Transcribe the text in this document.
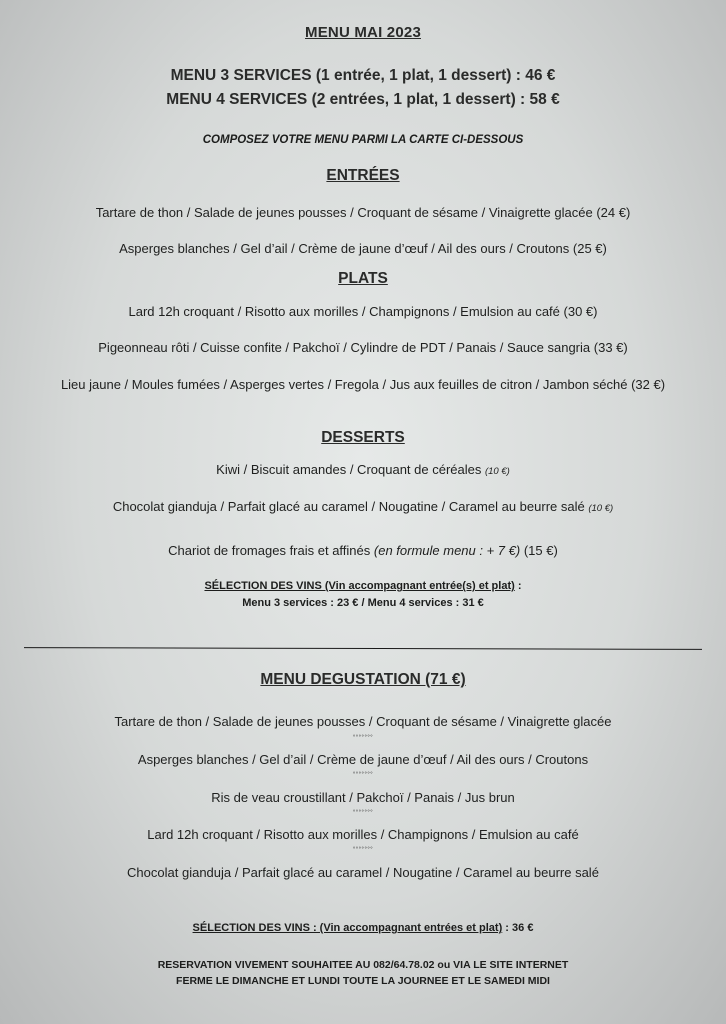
MENU MAI 2023
MENU 3 SERVICES (1 entrée, 1 plat, 1 dessert) : 46 €
MENU 4 SERVICES (2 entrées, 1 plat, 1 dessert) : 58 €
COMPOSEZ VOTRE MENU PARMI LA CARTE CI-DESSOUS
ENTRÉES
Tartare de thon / Salade de jeunes pousses / Croquant de sésame / Vinaigrette glacée (24 €)
Asperges blanches / Gel d’ail / Crème de jaune d’œuf / Ail des ours / Croutons (25 €)
PLATS
Lard 12h croquant / Risotto aux morilles / Champignons / Emulsion au café (30 €)
Pigeonneau rôti / Cuisse confite / Pakchoï / Cylindre de PDT / Panais / Sauce sangria (33 €)
Lieu jaune / Moules fumées / Asperges vertes / Fregola / Jus aux feuilles de citron / Jambon séché (32 €)
DESSERTS
Kiwi / Biscuit amandes / Croquant de céréales (10 €)
Chocolat gianduja / Parfait glacé au caramel / Nougatine / Caramel au beurre salé (10 €)
Chariot de fromages frais et affinés (en formule menu : + 7 €) (15 €)
SÉLECTION DES VINS (Vin accompagnant entrée(s) et plat) :
Menu 3 services : 23 € / Menu 4 services : 31 €
MENU DEGUSTATION (71 €)
Tartare de thon / Salade de jeunes pousses / Croquant de sésame / Vinaigrette glacée
°°°°°°°
Asperges blanches / Gel d’ail / Crème de jaune d’œuf / Ail des ours / Croutons
°°°°°°°
Ris de veau croustillant / Pakchoï / Panais / Jus brun
°°°°°°°
Lard 12h croquant / Risotto aux morilles / Champignons / Emulsion au café
°°°°°°°
Chocolat gianduja / Parfait glacé au caramel / Nougatine / Caramel au beurre salé
SÉLECTION DES VINS : (Vin accompagnant entrées et plat) : 36 €
RESERVATION VIVEMENT SOUHAITEE AU 082/64.78.02 ou VIA LE SITE INTERNET
FERME LE DIMANCHE ET LUNDI TOUTE LA JOURNEE ET LE SAMEDI MIDI
